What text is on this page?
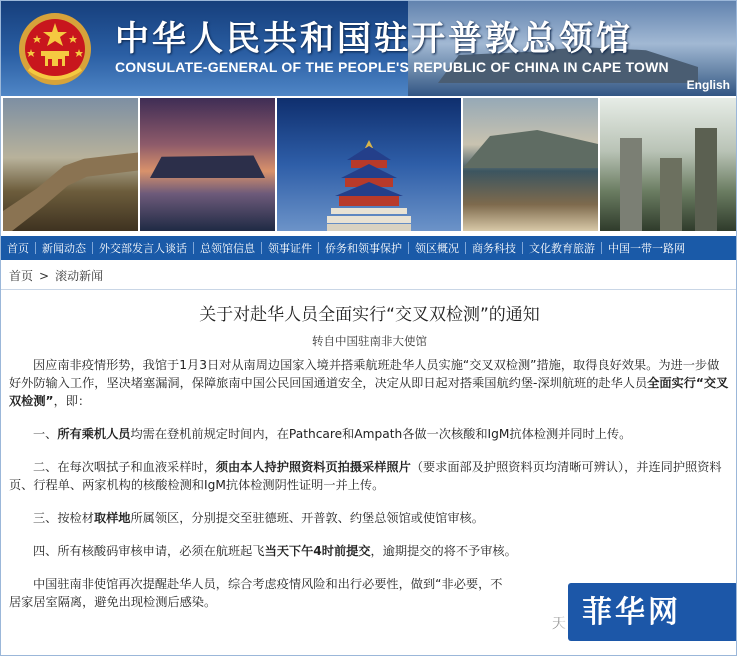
中华人民共和国驻开普敦总领馆
CONSULATE-GENERAL OF THE PEOPLE'S REPUBLIC OF CHINA IN CAPE TOWN
English
首页	新闻动态	外交部发言人谈话	总领馆信息	领事证件	侨务和领事保护	领区概况	商务科技	文化教育旅游	中国一带一路网
首页 > 滚动新闻
关于对赴华人员全面实行“交叉双检测”的通知
转自中国驻南非大使馆

因应南非疫情形势，我馆于1月3日对从南周边国家入境并搭乘航班赴华人员实施“交叉双检测”措施，取得良好效果。为进一步做好外防输入工作，坚决堵塞漏洞，保障旅南中国公民回国通道安全，决定从即日起对搭乘国航约堡-深圳航班的赴华人员全面实行“交叉双检测”，即：

一、所有乘机人员均需在登机前规定时间内，在Pathcare和Ampath各做一次核酸和IgM抗体检测并同时上传。

二、在每次咽拭子和血液采样时，须由本人持护照资料页拍摄采样照片（要求面部及护照资料页均清晰可辨认），并连同护照资料页、行程单、两家机构的核酸检测和IgM抗体检测阴性证明一并上传。

三、按检材取样地所属领区，分别提交至驻德班、开普敦、约堡总领馆或使馆审核。

四、所有核酸码审核申请，必须在航班起飞当天下午4时前提交，逾期提交的将不予审核。

中国驻南非使馆再次提醒赴华人员，综合考虑疫情风险和出行必要性，做到“非必要，不
居家居室隔离，避免出现检测后感染。

天 菲华网
